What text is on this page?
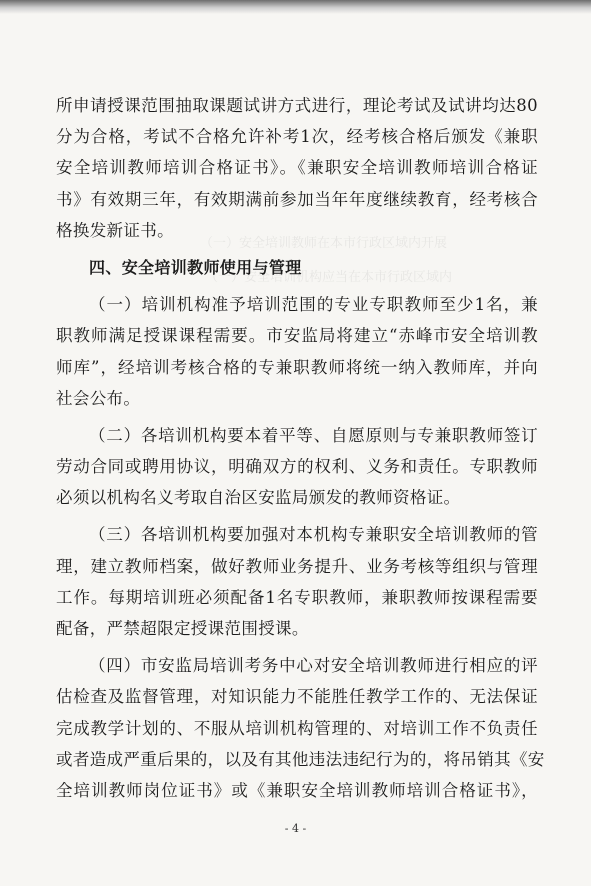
（一）安全培训教师在本市行政区域内开展
（一）安全培训机构应当在本市行政区域内
所申请授课范围抽取课题试讲方式进行，理论考试及试讲均达80
分为合格，考试不合格允许补考1次，经考核合格后颁发《兼职
安全培训教师培训合格证书》。《兼职安全培训教师培训合格证
书》有效期三年，有效期满前参加当年年度继续教育，经考核合
格换发新证书。
四、安全培训教师使用与管理
（一）培训机构准予培训范围的专业专职教师至少1名，兼
职教师满足授课课程需要。市安监局将建立“赤峰市安全培训教
师库”，经培训考核合格的专兼职教师将统一纳入教师库，并向
社会公布。
（二）各培训机构要本着平等、自愿原则与专兼职教师签订
劳动合同或聘用协议，明确双方的权利、义务和责任。专职教师
必须以机构名义考取自治区安监局颁发的教师资格证。
（三）各培训机构要加强对本机构专兼职安全培训教师的管
理，建立教师档案，做好教师业务提升、业务考核等组织与管理
工作。每期培训班必须配备1名专职教师，兼职教师按课程需要
配备，严禁超限定授课范围授课。
（四）市安监局培训考务中心对安全培训教师进行相应的评
估检查及监督管理，对知识能力不能胜任教学工作的、无法保证
完成教学计划的、不服从培训机构管理的、对培训工作不负责任
或者造成严重后果的，以及有其他违法违纪行为的，将吊销其《安
全培训教师岗位证书》或《兼职安全培训教师培训合格证书》，
- 4 -
